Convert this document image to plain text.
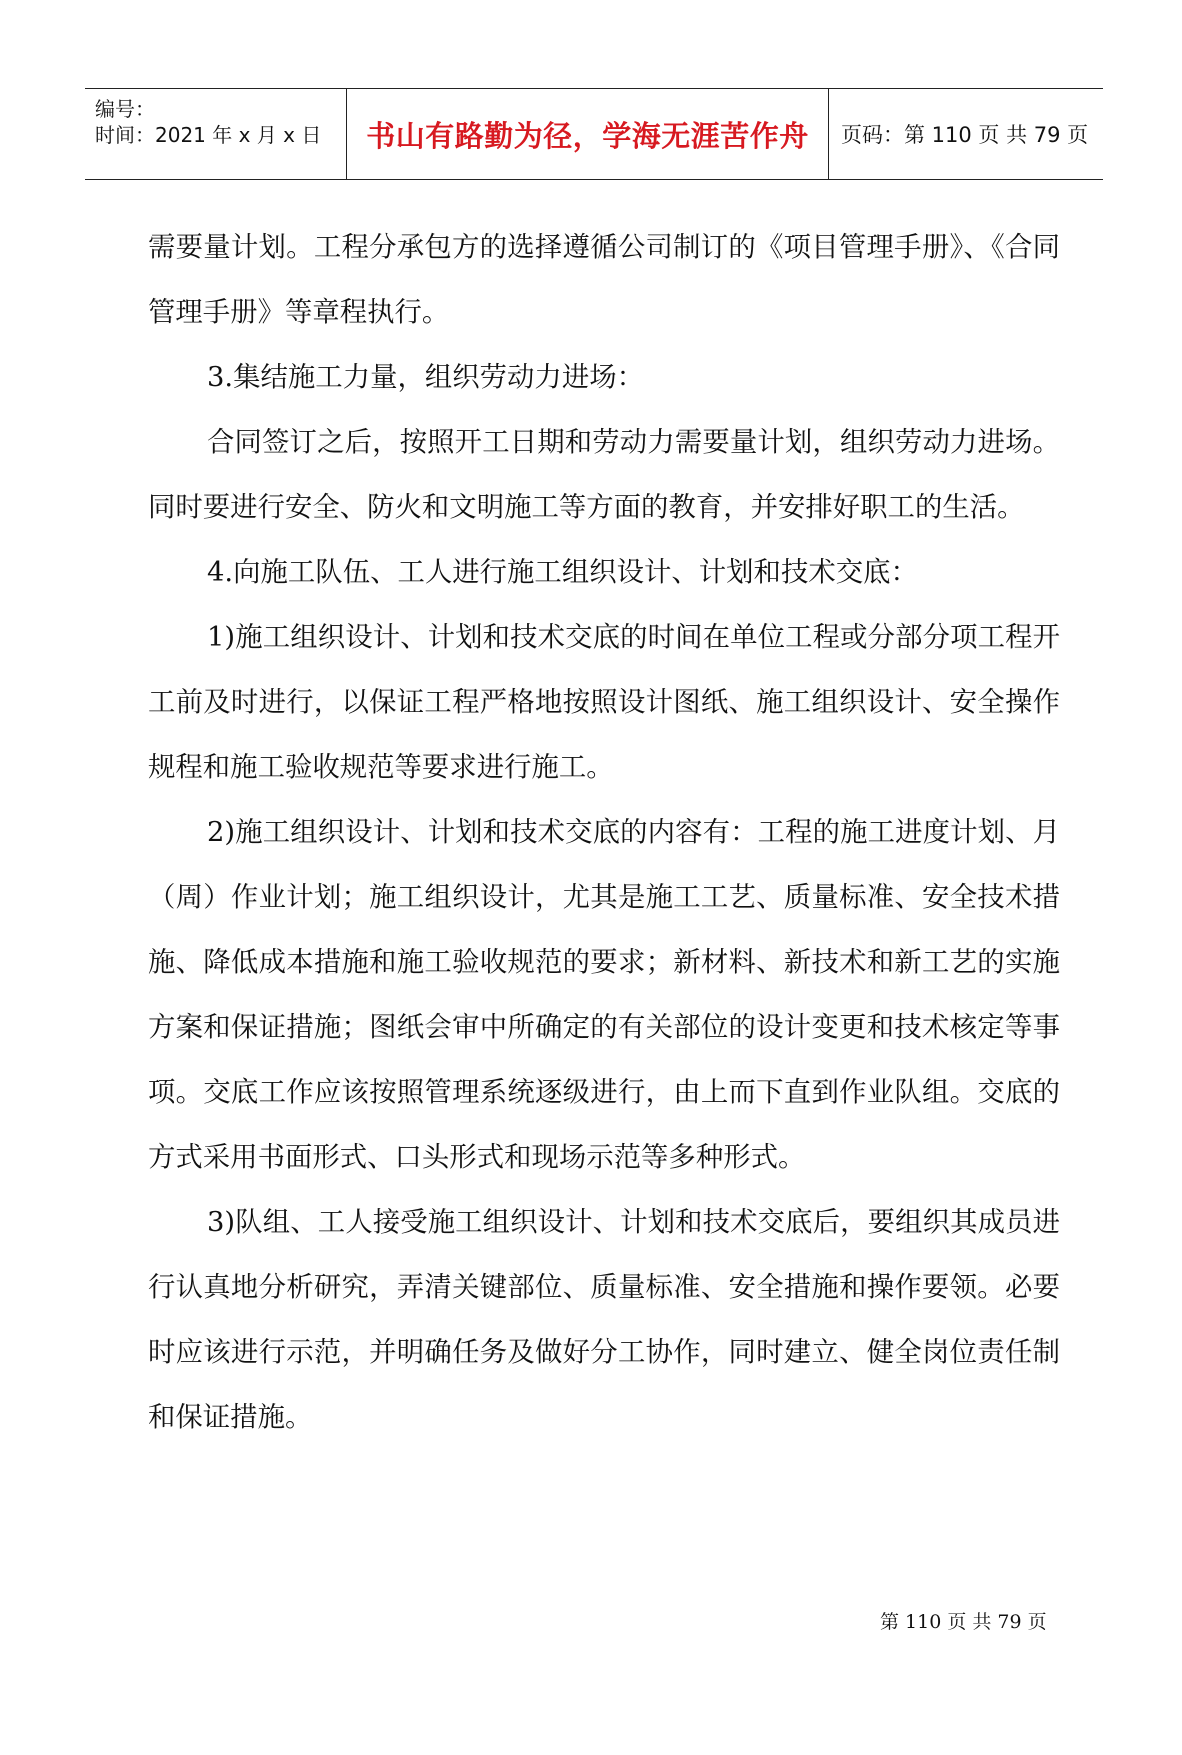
编号：
时间：2021 年 x 月 x 日	书山有路勤为径，学海无涯苦作舟	页码：第 110 页 共 79 页

需要量计划。工程分承包方的选择遵循公司制订的《项目管理手册》、《合同管理手册》等章程执行。

3.集结施工力量，组织劳动力进场：

合同签订之后，按照开工日期和劳动力需要量计划，组织劳动力进场。同时要进行安全、防火和文明施工等方面的教育，并安排好职工的生活。

4.向施工队伍、工人进行施工组织设计、计划和技术交底：

1)施工组织设计、计划和技术交底的时间在单位工程或分部分项工程开工前及时进行，以保证工程严格地按照设计图纸、施工组织设计、安全操作规程和施工验收规范等要求进行施工。

2)施工组织设计、计划和技术交底的内容有：工程的施工进度计划、月（周）作业计划；施工组织设计，尤其是施工工艺、质量标准、安全技术措施、降低成本措施和施工验收规范的要求；新材料、新技术和新工艺的实施方案和保证措施；图纸会审中所确定的有关部位的设计变更和技术核定等事项。交底工作应该按照管理系统逐级进行，由上而下直到作业队组。交底的方式采用书面形式、口头形式和现场示范等多种形式。

3)队组、工人接受施工组织设计、计划和技术交底后，要组织其成员进行认真地分析研究，弄清关键部位、质量标准、安全措施和操作要领。必要时应该进行示范，并明确任务及做好分工协作，同时建立、健全岗位责任制和保证措施。

第 110 页 共 79 页
